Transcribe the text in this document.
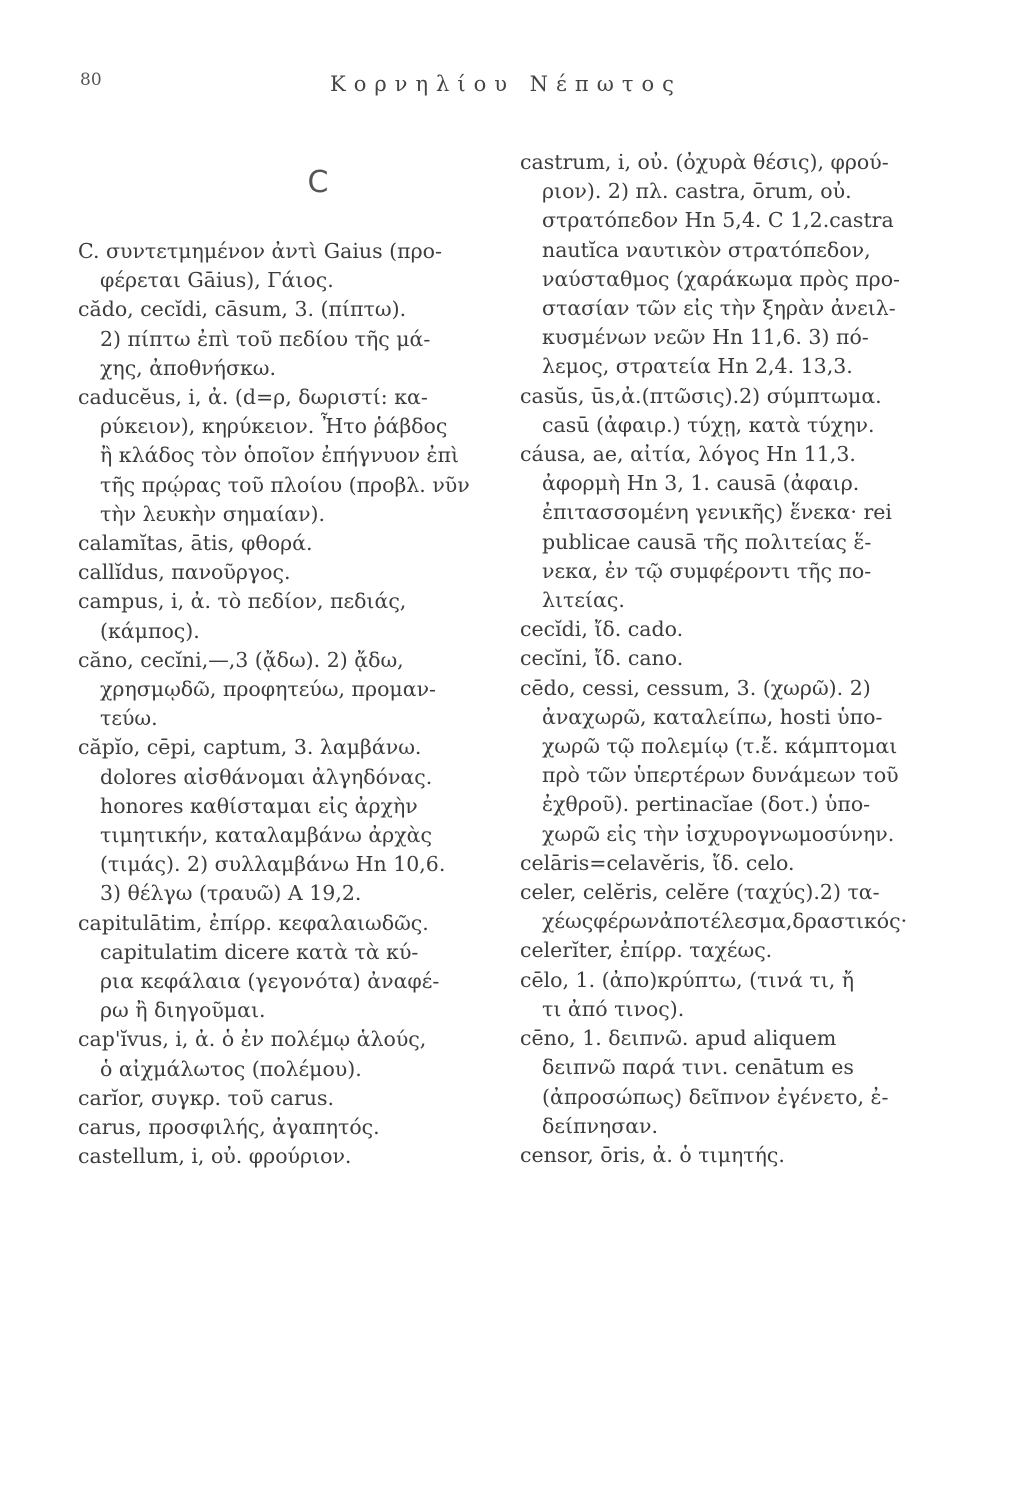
80	Κορνηλίου Νέπωτος
C
C. συντετμημένον ἀντὶ Gaius (προ-
φέρεται Gāius), Γάιος.
cădo, cecĭdi, cāsum, 3. (πίπτω).
2) πίπτω ἐπὶ τοῦ πεδίου τῆς μά-
χης, ἀποθνήσκω.
caducĕus, i, ἀ. (d=ρ, δωριστί: κα-
ρύκειον), κηρύκειον. Ἦτο ῥάβδος
ἢ κλάδος τὸν ὁποῖον ἐπήγνυον ἐπὶ
τῆς πρῴρας τοῦ πλοίου (προβλ. νῦν
τὴν λευκὴν σημαίαν).
calamĭtas, ātis, φθορά.
callĭdus, πανοῦργος.
campus, i, ἀ. τὸ πεδίον, πεδιάς,
(κάμπος).
căno, cecĭni,—,3 (ᾄδω). 2) ᾄδω,
χρησμῳδῶ, προφητεύω, προμαν-
τεύω.
căpĭo, cēpi, captum, 3. λαμβάνω.
dolores αἰσθάνομαι ἀλγηδόνας.
honores καθίσταμαι εἰς ἀρχὴν
τιμητικήν, καταλαμβάνω ἀρχὰς
(τιμάς). 2) συλλαμβάνω Hn 10,6.
3) θέλγω (τραυῶ) A 19,2.
capitulātim, ἐπίρρ. κεφαλαιωδῶς.
capitulatim dicere κατὰ τὰ κύ-
ρια κεφάλαια (γεγονότα) ἀναφέ-
ρω ἢ διηγοῦμαι.
cap'ĭvus, i, ἀ. ὁ ἐν πολέμῳ ἁλούς,
ὁ αἰχμάλωτος (πολέμου).
carĭor, συγκρ. τοῦ carus.
carus, προσφιλής, ἀγαπητός.
castellum, i, οὐ. φρούριον.
castrum, i, οὐ. (ὀχυρὰ θέσις), φρού-
ριον). 2) πλ. castra, ōrum, οὐ.
στρατόπεδον Hn 5,4. C 1,2.castra
nautĭca ναυτικὸν στρατόπεδον,
ναύσταθμος (χαράκωμα πρὸς προ-
στασίαν τῶν εἰς τὴν ξηρὰν ἀνειλ-
κυσμένων νεῶν Hn 11,6. 3) πό-
λεμος, στρατεία Hn 2,4. 13,3.
casŭs, ūs,ἀ.(πτῶσις).2) σύμπτωμα.
casū (ἀφαιρ.) τύχῃ, κατὰ τύχην.
cáusa, ae, αἰτία, λόγος Hn 11,3.
ἀφορμὴ Hn 3, 1. causā (ἀφαιρ.
ἐπιτασσομένη γενικῆς) ἕνεκα· rei
publicae causā τῆς πολιτείας ἕ-
νεκα, ἐν τῷ συμφέροντι τῆς πο-
λιτείας.
cecĭdi, ἴδ. cado.
cecĭni, ἴδ. cano.
cēdo, cessi, cessum, 3. (χωρῶ). 2)
ἀναχωρῶ, καταλείπω, hosti ὑπο-
χωρῶ τῷ πολεμίῳ (τ.ἔ. κάμπτομαι
πρὸ τῶν ὑπερτέρων δυνάμεων τοῦ
ἐχθροῦ). pertinacĭae (δοτ.) ὑπο-
χωρῶ εἰς τὴν ἰσχυρογνωμοσύνην.
celāris=celavĕris, ἴδ. celo.
celer, celĕris, celĕre (ταχύς).2) τα-
χέωςφέρωνἀποτέλεσμα,δραστικός·
celerĭter, ἐπίρρ. ταχέως.
cēlo, 1. (ἀπο)κρύπτω, (τινά τι, ἤ
τι ἀπό τινος).
cēno, 1. δειπνῶ. apud aliquem
δειπνῶ παρά τινι. cenātum es
(ἀπροσώπως) δεῖπνον ἐγένετο, ἐ-
δείπνησαν.
censor, ōris, ἀ. ὁ τιμητής.
